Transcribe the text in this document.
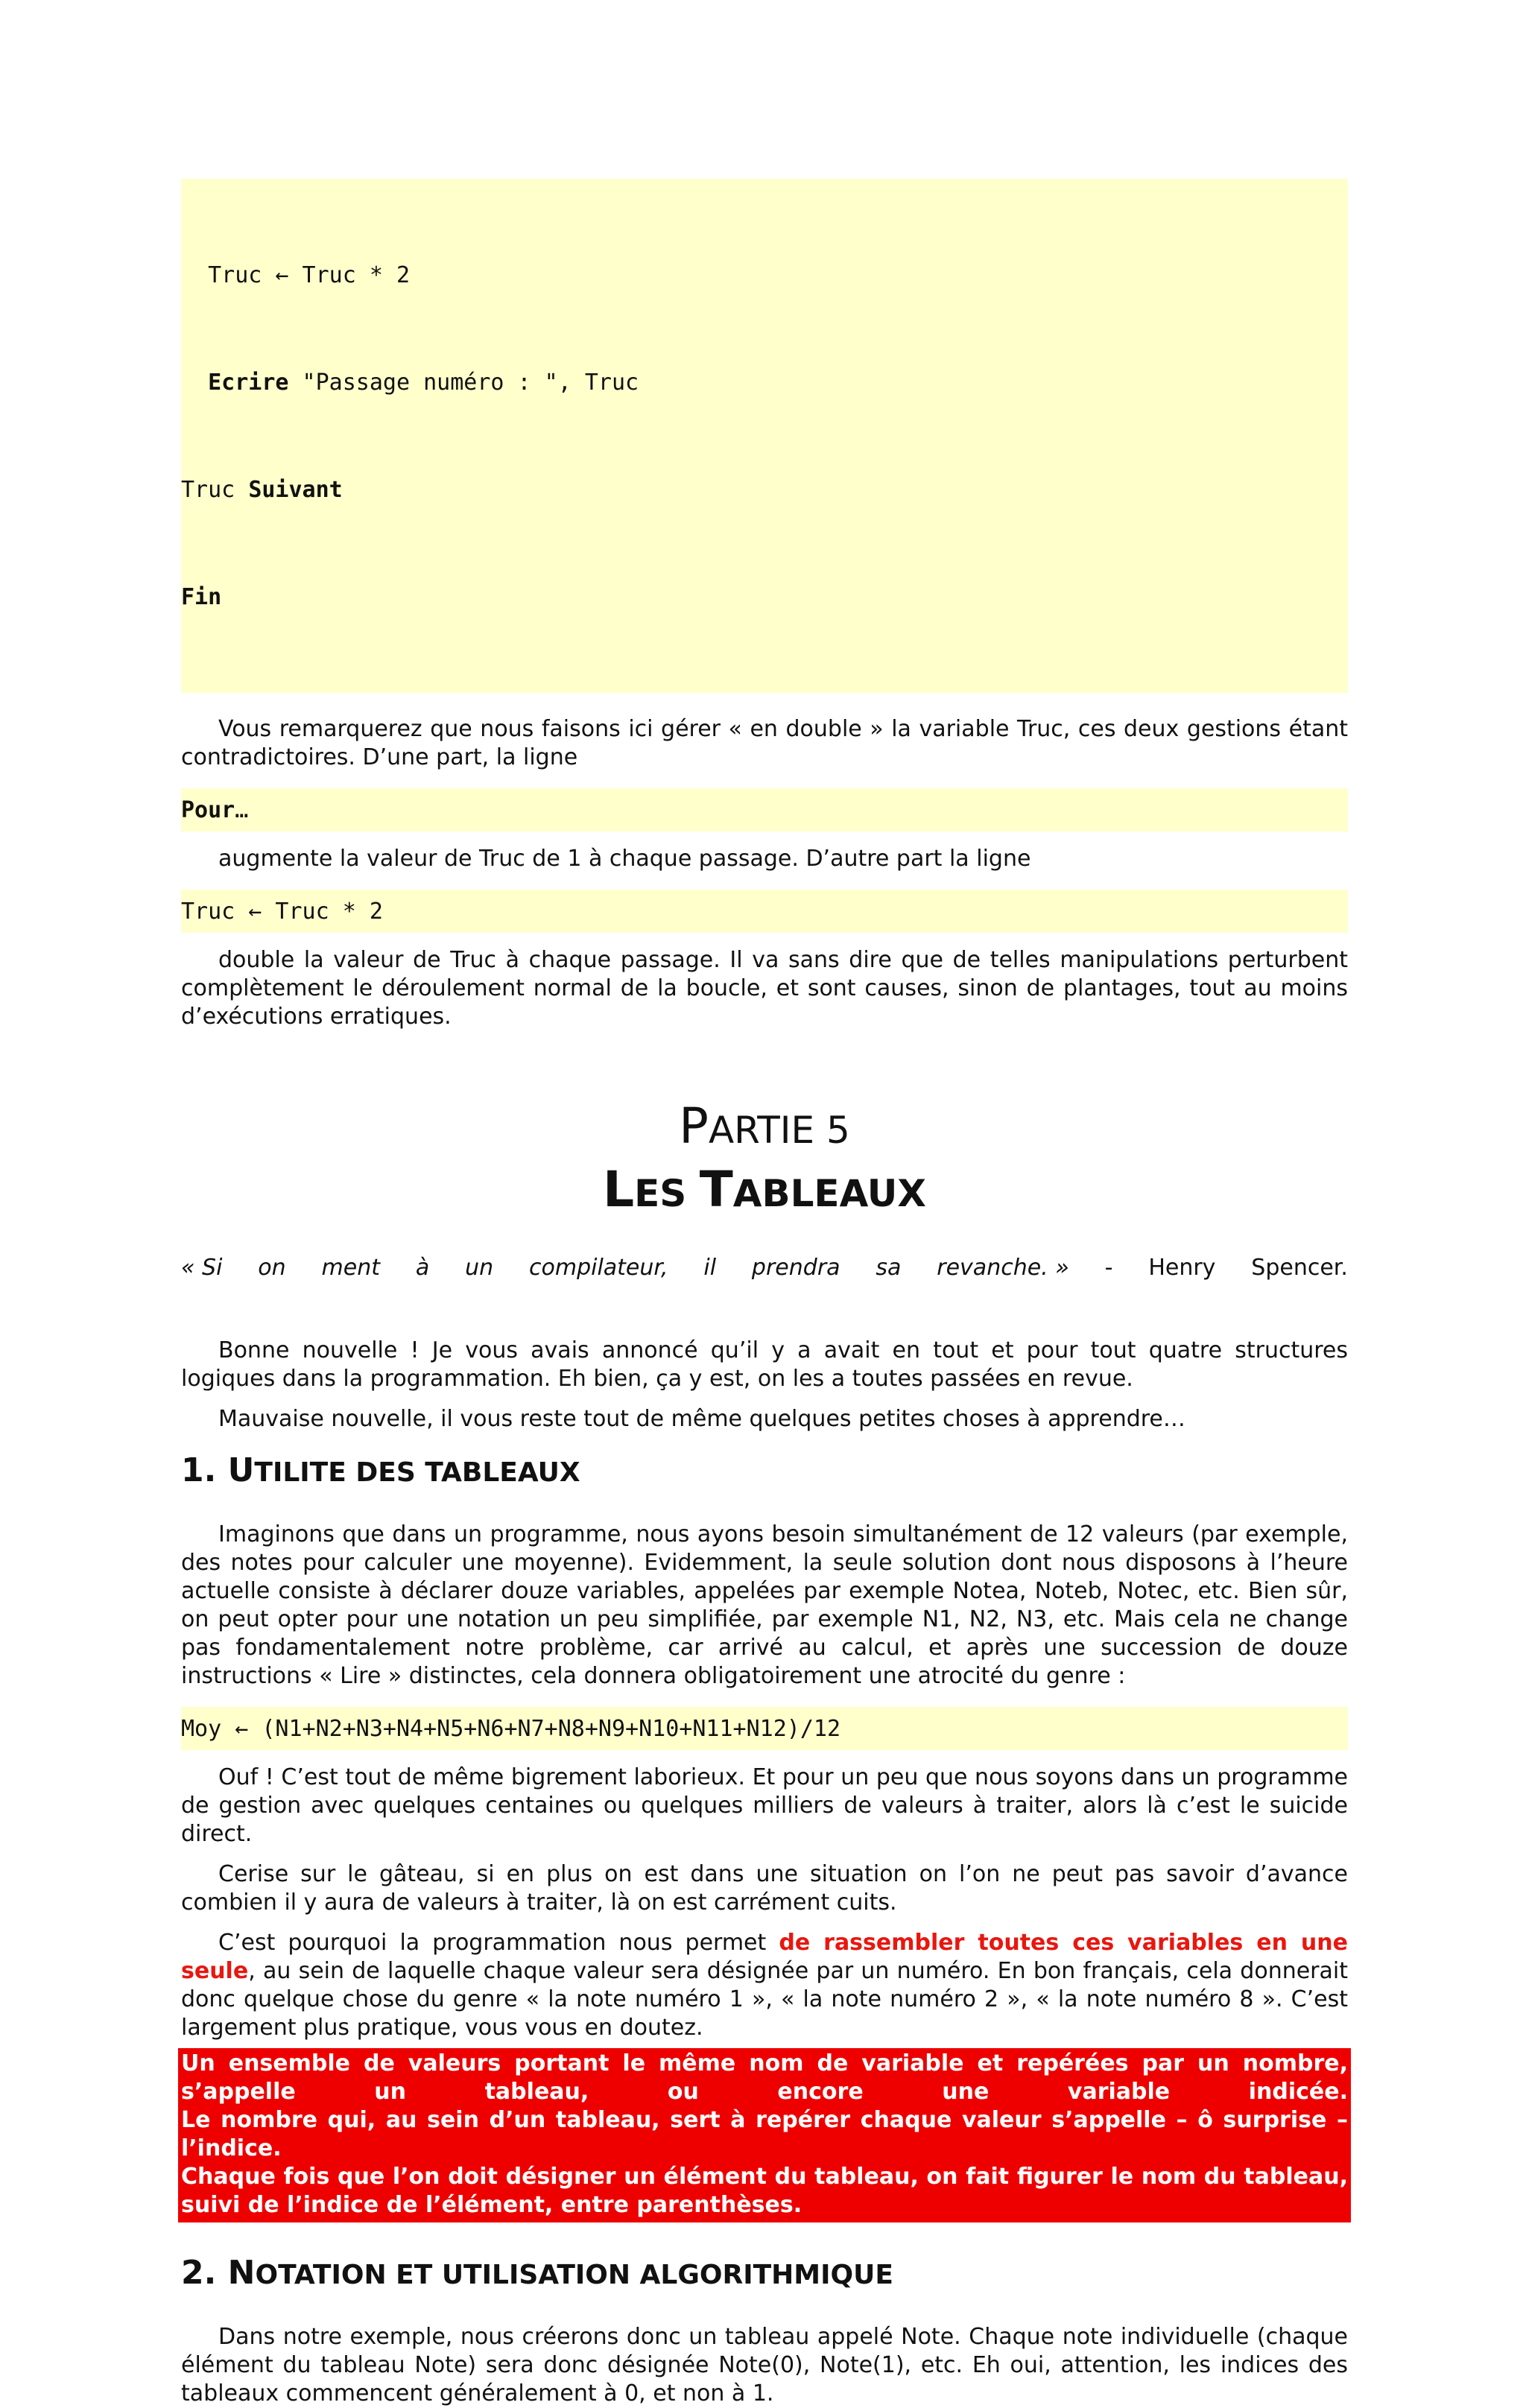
Truc ← Truc * 2

Ecrire "Passage numéro : ", Truc

Truc Suivant

Fin

Vous remarquerez que nous faisons ici gérer « en double » la variable Truc, ces deux gestions étant contradictoires. D’une part, la ligne

Pour…

augmente la valeur de Truc de 1 à chaque passage. D’autre part la ligne

Truc ← Truc * 2

double la valeur de Truc à chaque passage. Il va sans dire que de telles manipulations perturbent complètement le déroulement normal de la boucle, et sont causes, sinon de plantages, tout au moins d’exécutions erratiques.

PARTIE 5
LES TABLEAUX
« Si on ment à un compilateur, il prendra sa revanche. » - Henry Spencer.

Bonne nouvelle ! Je vous avais annoncé qu’il y a avait en tout et pour tout quatre structures logiques dans la programmation. Eh bien, ça y est, on les a toutes passées en revue.

Mauvaise nouvelle, il vous reste tout de même quelques petites choses à apprendre…

1. UTILITE DES TABLEAUX

Imaginons que dans un programme, nous ayons besoin simultanément de 12 valeurs (par exemple, des notes pour calculer une moyenne). Evidemment, la seule solution dont nous disposons à l’heure actuelle consiste à déclarer douze variables, appelées par exemple Notea, Noteb, Notec, etc. Bien sûr, on peut opter pour une notation un peu simplifiée, par exemple N1, N2, N3, etc. Mais cela ne change pas fondamentalement notre problème, car arrivé au calcul, et après une succession de douze instructions « Lire » distinctes, cela donnera obligatoirement une atrocité du genre :

Moy ← (N1+N2+N3+N4+N5+N6+N7+N8+N9+N10+N11+N12)/12

Ouf ! C’est tout de même bigrement laborieux. Et pour un peu que nous soyons dans un programme de gestion avec quelques centaines ou quelques milliers de valeurs à traiter, alors là c’est le suicide direct.

Cerise sur le gâteau, si en plus on est dans une situation on l’on ne peut pas savoir d’avance combien il y aura de valeurs à traiter, là on est carrément cuits.

C’est pourquoi la programmation nous permet de rassembler toutes ces variables en une seule, au sein de laquelle chaque valeur sera désignée par un numéro. En bon français, cela donnerait donc quelque chose du genre « la note numéro 1 », « la note numéro 2 », « la note numéro 8 ». C’est largement plus pratique, vous vous en doutez.

Un ensemble de valeurs portant le même nom de variable et repérées par un nombre, s’appelle un tableau, ou encore une variable indicée.
Le nombre qui, au sein d’un tableau, sert à repérer chaque valeur s’appelle – ô surprise – l’indice.
Chaque fois que l’on doit désigner un élément du tableau, on fait figurer le nom du tableau, suivi de l’indice de l’élément, entre parenthèses.
2. NOTATION ET UTILISATION ALGORITHMIQUE

Dans notre exemple, nous créerons donc un tableau appelé Note. Chaque note individuelle (chaque élément du tableau Note) sera donc désignée Note(0), Note(1), etc. Eh oui, attention, les indices des tableaux commencent généralement à 0, et non à 1.
